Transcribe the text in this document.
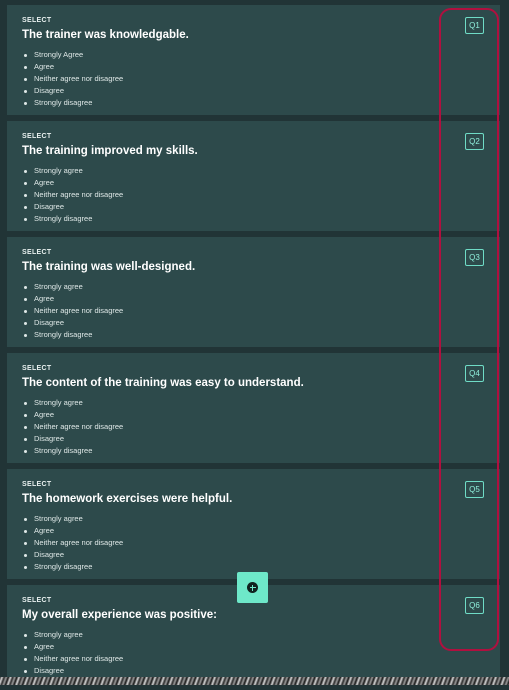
SELECT
The trainer was knowledgable.
Strongly Agree
Agree
Neither agree nor disagree
Disagree
Strongly disagree
Q1
SELECT
The training improved my skills.
Strongly agree
Agree
Neither agree nor disagree
Disagree
Strongly disagree
Q2
SELECT
The training was well-designed.
Strongly agree
Agree
Neither agree nor disagree
Disagree
Strongly disagree
Q3
SELECT
The content of the training was easy to understand.
Strongly agree
Agree
Neither agree nor disagree
Disagree
Strongly disagree
Q4
SELECT
The homework exercises were helpful.
Strongly agree
Agree
Neither agree nor disagree
Disagree
Strongly disagree
Q5
SELECT
My overall experience was positive:
Strongly agree
Agree
Neither agree nor disagree
Disagree
Q6
